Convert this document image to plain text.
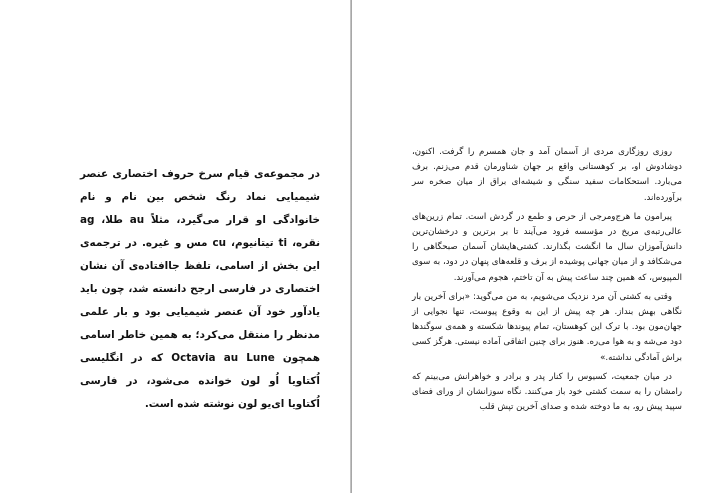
در مجموعه‌ی قیام سرخ حروف اختصاری عنصر شیمیایی نماد رنگ شخص بین نام و نام خانوادگی او قرار می‌گیرد، مثلاً au طلا، ag نقره، ti تیتانیوم، cu مس و غیره. در ترجمه‌ی این بخش از اسامی، تلفظ جاافتاده‌ی آن نشان اختصاری در فارسی ارجح دانسته شد، چون باید یادآور خود آن عنصر شیمیایی بود و بار علمی مدنظر را منتقل می‌کرد؛ به همین خاطر اسامی همچون Octavia au Lune که در انگلیسی اُکتاویا اُو لون خوانده می‌شود، در فارسی اُکتاویا ای‌یو لون نوشته شده است.

روزی روزگاری مردی از آسمان آمد و جان همسرم را گرفت. اکنون، دوشادوش او، بر کوهستانی واقع بر جهان شناورمان قدم می‌زنم. برف می‌بارد. استحکامات سفید سنگی و شیشه‌ای براق از میان صخره سر برآورده‌اند.

پیرامون ما هرج‌ومرجی از حرص و طمع در گردش است. تمام زرین‌های عالی‌رتبه‌ی مریخ در مؤسسه فرود می‌آیند تا بر برترین و درخشان‌ترین دانش‌آموزان سال ما انگشت بگذارند. کشتی‌هایشان آسمان صبحگاهی را می‌شکافد و از میان جهانی پوشیده از برف و قلعه‌های پنهان در دود، به سوی المپیوس، که همین چند ساعت پیش به آن تاختم، هجوم می‌آورند.

وقتی به کشتی آن مرد نزدیک می‌شویم، به من می‌گوید: «برای آخرین بار نگاهی بهش بنداز. هر چه پیش از این به وقوع پیوست، تنها نجوایی از جهان‌مون بود. با ترک این کوهستان، تمام پیوندها شکسته و همه‌ی سوگندها دود می‌شه و به هوا می‌ره. هنوز برای چنین اتفاقی آماده نیستی. هرگز کسی براش آمادگی نداشته.»

در میان جمعیت، کسیوس را کنار پدر و برادر و خواهرانش می‌بینم که رامشان را به سمت کشتی خود باز می‌کنند. نگاه سوزانشان از ورای فضای سپید پیش رو، به ما دوخته شده و صدای آخرین تپش قلب
